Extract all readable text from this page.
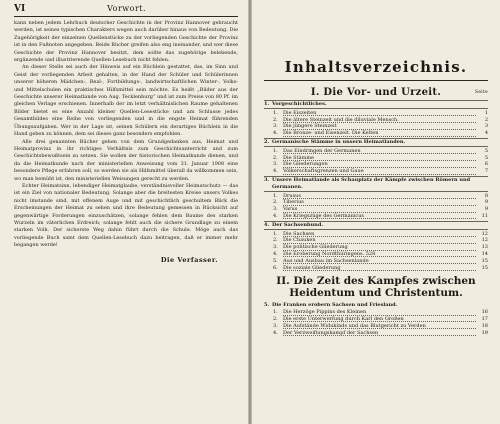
VI	Vorwort.

kann neben jedem Lehrbuch deutscher Geschichte in der Provinz Hannover gebraucht werden, ist seines typischen Charakters wegen auch darüber hinaus von Bedeutung. Die Zugehörigkeit der einzelnen Quellenstücke zu der vorliegenden Geschichte der Provinz ist in den Fußnoten angegeben. Beide Bücher greifen also eng ineinander, und wer diese Geschichte der Provinz Hannover besitzt, dem sollte das zugehörige belebende, ergänzende und illustrierende Quellen-Lesebuch nicht fehlen.

An dieser Stelle sei auch der Hinweis auf ein Büchlein gestattet, das, im Sinn und Geist der vorliegenden Arbeit gehalten, in der Hand der Schüler und Schülerinnen unserer höheren Mädchen-, Real-, Fortbildungs-, landwirtschaftlichen Winter-, Volks- und Mittelschulen ein praktisches Hilfsmittel sein möchte. Es heißt „Bilder aus der Geschichte unserer Heimatlande von Aug. Tecklenburg“ und ist zum Preise von 80 Pf. im gleichen Verlage erschienen. Innerhalb der im letzt verhältnislichen Raume gehaltenen Bilder bietet es eine Anzahl kleiner Quellen-Lesestücke und am Schlusse jedes Gesamtbildes eine Reihe von vorliegenden und in die engste Heimat führenden Übungsaufgaben. Wer in der Lage ist, seinen Schülern ein derartiges Büchlein in die Hand geben zu können, dem sei dieses ganz besonders empfohlen.

Alle drei genannten Bücher gehen von dem Grundgedanken aus, Heimat und Heimatprovinz in ihr richtiges Verhältnis zum Geschichtsunterricht und zum Geschichtsbewußtsein zu setzen. Sie wollen der historischen Heimatkunde dienen, und da die Heimatkunde nach der ministeriellen Anweisung vom 31. Januar 1908 eine besondere Pflege erfahren soll, so werden sie als Hilfsmittel überall da willkommen sein, wo man bemüht ist, den ministeriellen Weisungen gerecht zu werden.

Echter Heimatsinn, lebendiger Heimatglaube, verständnisvoller Heimatschutz — das ist ein Ziel von nationaler Bedeutung. Solange aber die breitesten Kreise unsers Volkes nicht imstande sind, mit offenem Auge und mit geschichtlich geschultem Blick die Erscheinungen der Heimat zu sehen und ihre Bedeutung gemessen in Rücksicht auf gegenwärtige Forderungen einzuschätzen, solange fehlen dem Baume des starken Wurzeln im väterlichen Erdreich; solange fehlt auch die sichere Grundlage zu einem starken Volk. Der sicherste Weg dahin führt durch die Schule. Möge auch das vorliegende Buch samt dem Quellen-Lesebuch dazu beitragen, daß er immer mehr begangen werde!

Die Verfasser.
Inhaltsverzeichnis.
I. Die Vor- und Urzeit.	Seite
1. Vorgeschichtliches.
1.	Die Eiszeiten	1
2.	Die ältere Steinzeit und die diluviale Mensch.	2
3.	Die jüngere Steinzeit	3
4.	Die Bronze- und Eisenzeit. Die Kelten	4
2. Germanische Stämme in unsern Heimatlanden.
1.	Das Eindringen der Germanen	5
2.	Die Stämme	5
3.	Die Gliederungen	6
4.	Völkerschaftsgrenzen und Gaue	7
3. Unsere Heimatlande als Schauplatz der Kämpfe zwischen Römern und Germanen.
1.	Drusus	8
2.	Tiberius	9
3.	Varus	9
4.	Die Kriegszüge des Germanicus	11
4. Der Sachsenbund.
1.	Die Sachsen	12
2.	Die Chauken	12
3.	Die politische Gliederung	13
4.	Die Eroberung Nordthüringens. 528	14
5.	Aus und Ausbau im Sachsenlande	15
6.	Die soziale Gliederung	15
II. Die Zeit des Kampfes zwischen Heidentum und Christentum.
5. Die Franken erobern Sachsen und Friesland.
1.	Die Herzöge Pippins des Kleinen	16
2.	Die erste Unterwerfung durch Karl den Großen	17
3.	Die Aufstände Widukinds und das Blutgericht zu Verden	18
4.	Der Verzweiflungskampf der Sachsen	19
